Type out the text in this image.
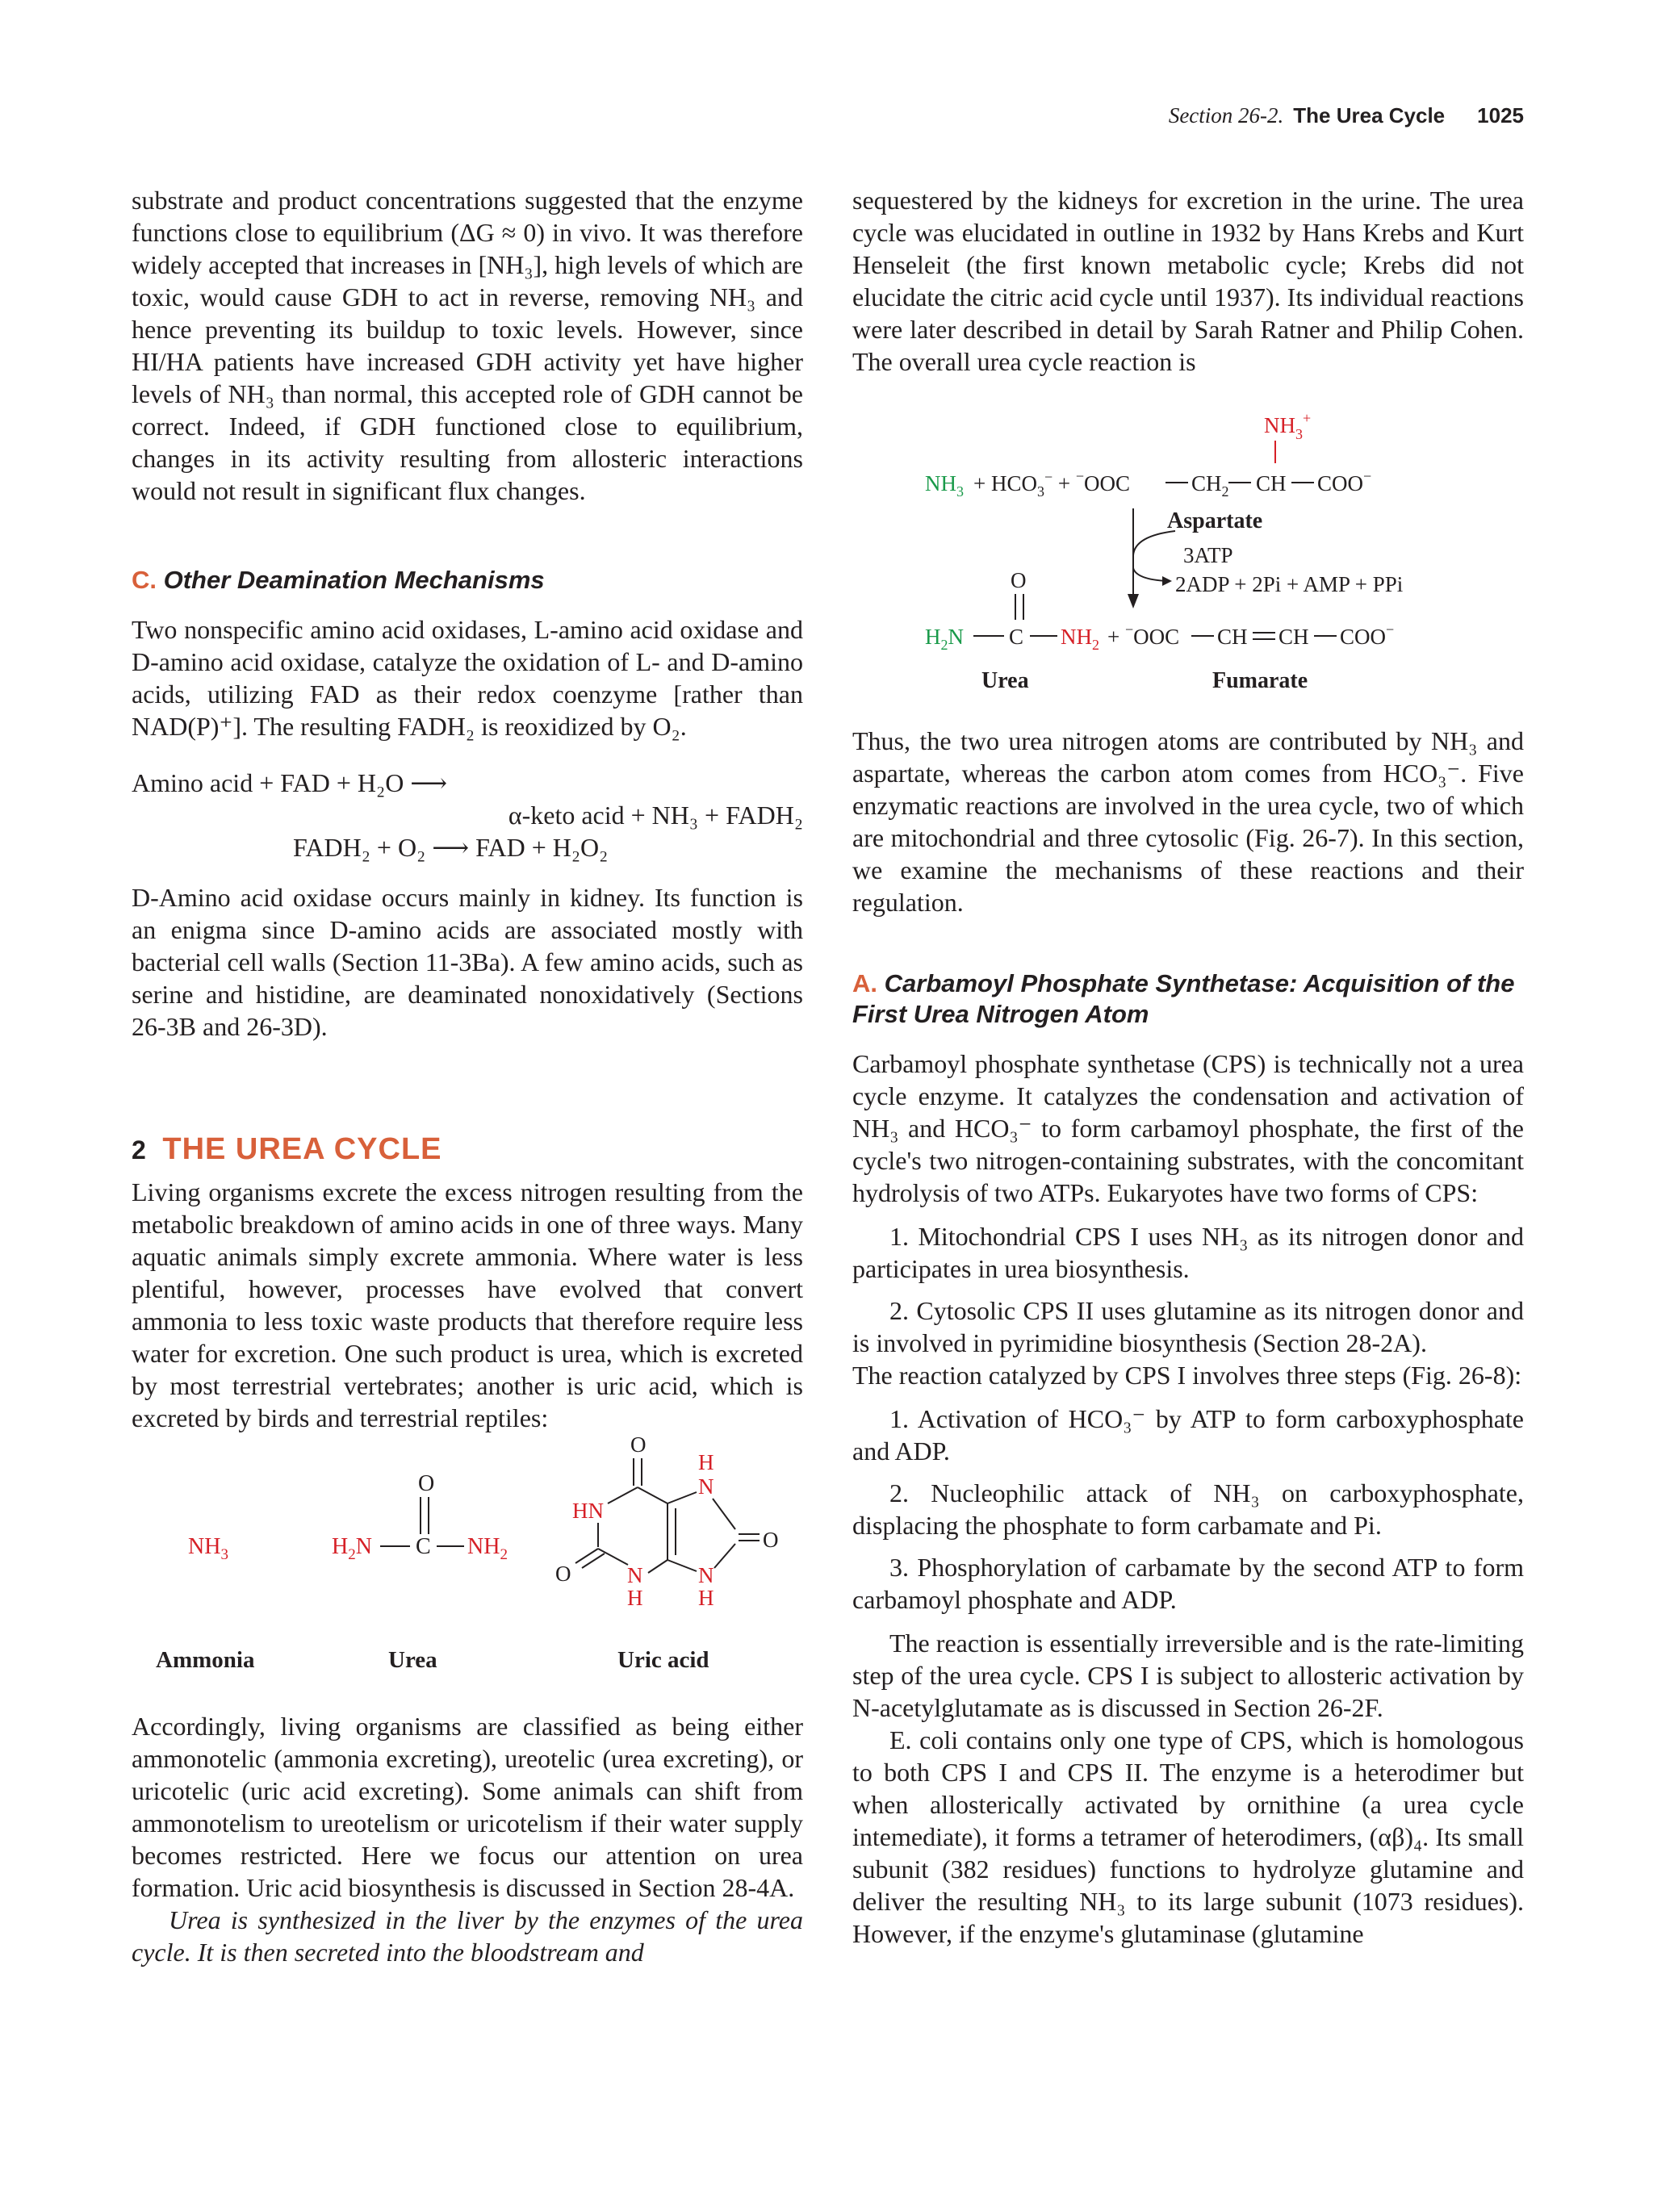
Section 26-2. The Urea Cycle 1025

substrate and product concentrations suggested that the enzyme functions close to equilibrium (ΔG ≈ 0) in vivo. It was therefore widely accepted that increases in [NH₃], high levels of which are toxic, would cause GDH to act in reverse, removing NH₃ and hence preventing its buildup to toxic levels. However, since HI/HA patients have increased GDH activity yet have higher levels of NH₃ than normal, this accepted role of GDH cannot be correct. Indeed, if GDH functioned close to equilibrium, changes in its activity resulting from allosteric interactions would not result in significant flux changes.

C. Other Deamination Mechanisms

Two nonspecific amino acid oxidases, L-amino acid oxidase and D-amino acid oxidase, catalyze the oxidation of L- and D-amino acids, utilizing FAD as their redox coenzyme [rather than NAD(P)⁺]. The resulting FADH₂ is reoxidized by O₂.

Amino acid + FAD + H₂O ⟶

α-keto acid + NH₃ + FADH₂

FADH₂ + O₂ ⟶ FAD + H₂O₂

D-Amino acid oxidase occurs mainly in kidney. Its function is an enigma since D-amino acids are associated mostly with bacterial cell walls (Section 11-3Ba). A few amino acids, such as serine and histidine, are deaminated nonoxidatively (Sections 26-3B and 26-3D).

2 THE UREA CYCLE

Living organisms excrete the excess nitrogen resulting from the metabolic breakdown of amino acids in one of three ways. Many aquatic animals simply excrete ammonia. Where water is less plentiful, however, processes have evolved that convert ammonia to less toxic waste products that therefore require less water for excretion. One such product is urea, which is excreted by most terrestrial vertebrates; another is uric acid, which is excreted by birds and terrestrial reptiles:

$NH_3$
O
$H_2N$ C $NH_2$
O
HN
O	N
H
H
N
O
N
H
Ammonia	Urea	Uric acid

Accordingly, living organisms are classified as being either ammonotelic (ammonia excreting), ureotelic (urea excreting), or uricotelic (uric acid excreting). Some animals can shift from ammonotelism to ureotelism or uricotelism if their water supply becomes restricted. Here we focus our attention on urea formation. Uric acid biosynthesis is discussed in Section 28-4A.

Urea is synthesized in the liver by the enzymes of the urea cycle. It is then secreted into the bloodstream and

sequestered by the kidneys for excretion in the urine. The urea cycle was elucidated in outline in 1932 by Hans Krebs and Kurt Henseleit (the first known metabolic cycle; Krebs did not elucidate the citric acid cycle until 1937). Its individual reactions were later described in detail by Sarah Ratner and Philip Cohen. The overall urea cycle reaction is

$NH_3^+$
$NH_3 + HCO_3^- + ^-OOC$	$CH_2$ CH COO−
O
$H_2N$ C $NH_2 + ^-OOC$ CH CH COO−
Aspartate
3ATP
2ADP + 2Pi + AMP + PPi
Urea	Fumarate

Thus, the two urea nitrogen atoms are contributed by NH₃ and aspartate, whereas the carbon atom comes from HCO₃⁻. Five enzymatic reactions are involved in the urea cycle, two of which are mitochondrial and three cytosolic (Fig. 26-7). In this section, we examine the mechanisms of these reactions and their regulation.

A. Carbamoyl Phosphate Synthetase: Acquisition of the First Urea Nitrogen Atom

Carbamoyl phosphate synthetase (CPS) is technically not a urea cycle enzyme. It catalyzes the condensation and activation of NH₃ and HCO₃⁻ to form carbamoyl phosphate, the first of the cycle's two nitrogen-containing substrates, with the concomitant hydrolysis of two ATPs. Eukaryotes have two forms of CPS:

1. Mitochondrial CPS I uses NH₃ as its nitrogen donor and participates in urea biosynthesis.

2. Cytosolic CPS II uses glutamine as its nitrogen donor and is involved in pyrimidine biosynthesis (Section 28-2A).

The reaction catalyzed by CPS I involves three steps (Fig. 26-8):

1. Activation of HCO₃⁻ by ATP to form carboxyphosphate and ADP.

2. Nucleophilic attack of NH₃ on carboxyphosphate, displacing the phosphate to form carbamate and Pi.

3. Phosphorylation of carbamate by the second ATP to form carbamoyl phosphate and ADP.

The reaction is essentially irreversible and is the rate-limiting step of the urea cycle. CPS I is subject to allosteric activation by N-acetylglutamate as is discussed in Section 26-2F.

E. coli contains only one type of CPS, which is homologous to both CPS I and CPS II. The enzyme is a heterodimer but when allosterically activated by ornithine (a urea cycle intemediate), it forms a tetramer of heterodimers, (αβ)₄. Its small subunit (382 residues) functions to hydrolyze glutamine and deliver the resulting NH₃ to its large subunit (1073 residues). However, if the enzyme's glutaminase (glutamine
